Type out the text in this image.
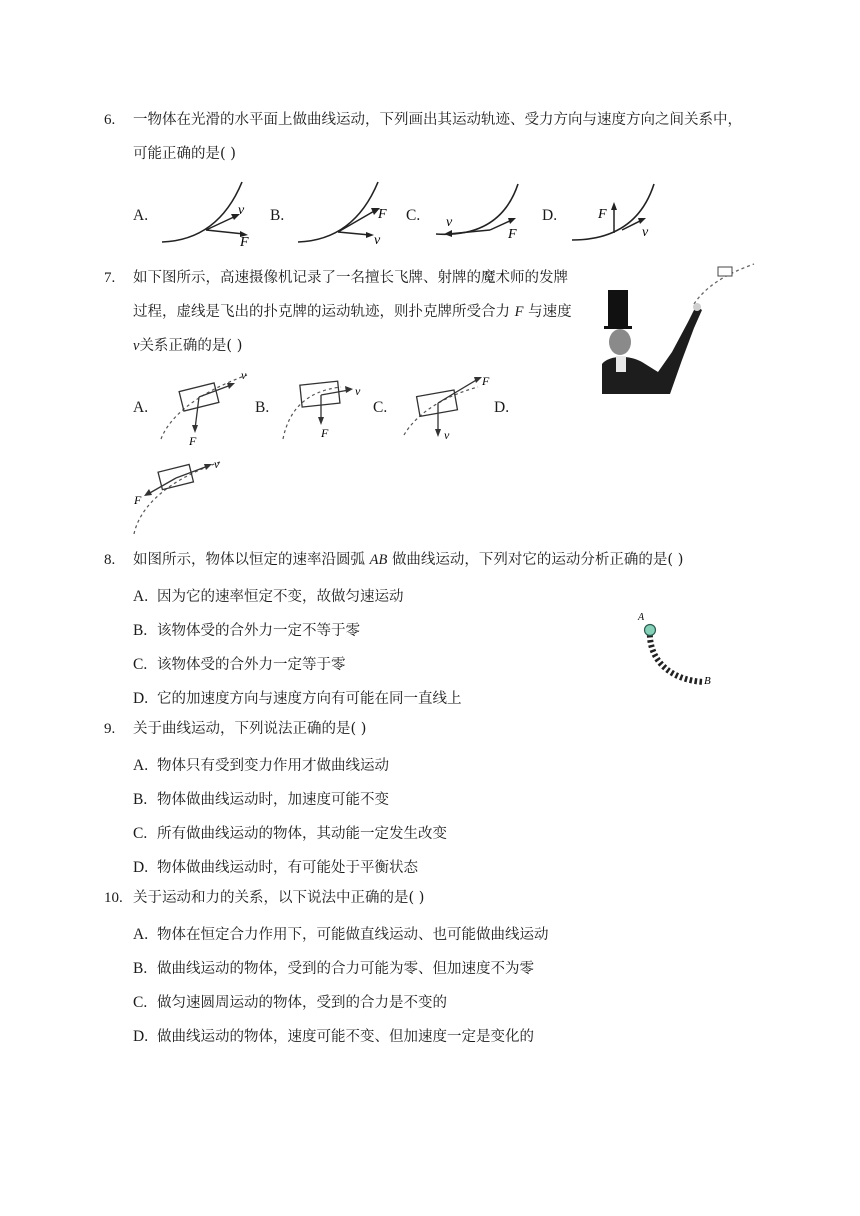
6. 一物体在光滑的水平面上做曲线运动，下列画出其运动轨迹、受力方向与速度方向之间关系中，
可能正确的是( )
A.	B.	C.	D.
v
F
F
v
v
F
F
v
7. 如下图所示，高速摄像机记录了一名擅长飞牌、射牌的魔术师的发牌
过程，虚线是飞出的扑克牌的运动轨迹，则扑克牌所受合力 F 与速度
v关系正确的是( )
A.	B.	C.	D.
v
F
v
F
F
v
v
F
8. 如图所示，物体以恒定的速率沿圆弧 AB 做曲线运动，下列对它的运动分析正确的是( )
A. 因为它的速率恒定不变，故做匀速运动
B. 该物体受的合外力一定不等于零
C. 该物体受的合外力一定等于零
D. 它的加速度方向与速度方向有可能在同一直线上
A
B
9. 关于曲线运动，下列说法正确的是( )
A. 物体只有受到变力作用才做曲线运动
B. 物体做曲线运动时，加速度可能不变
C. 所有做曲线运动的物体，其动能一定发生改变
D. 物体做曲线运动时，有可能处于平衡状态
10. 关于运动和力的关系，以下说法中正确的是( )
A. 物体在恒定合力作用下，可能做直线运动、也可能做曲线运动
B. 做曲线运动的物体，受到的合力可能为零、但加速度不为零
C. 做匀速圆周运动的物体，受到的合力是不变的
D. 做曲线运动的物体，速度可能不变、但加速度一定是变化的
